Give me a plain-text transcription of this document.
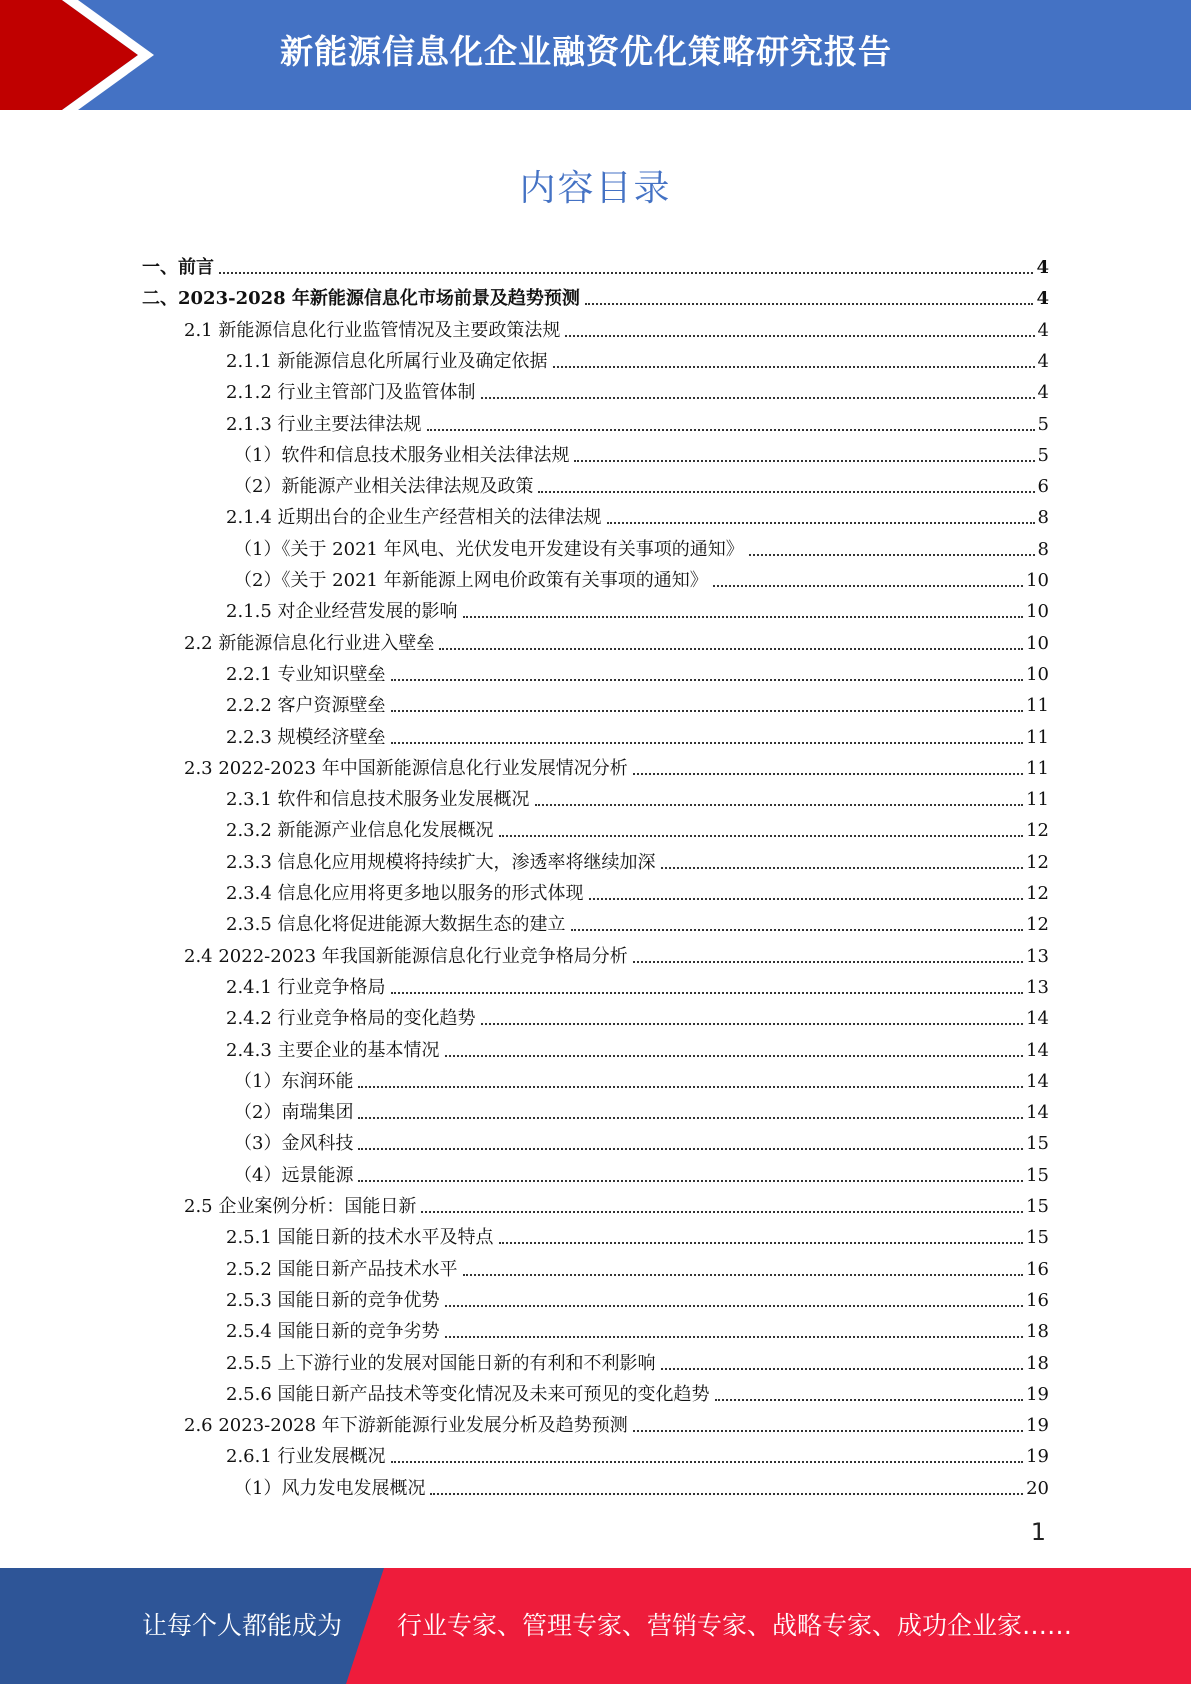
新能源信息化企业融资优化策略研究报告
内容目录
一、前言	4
二、2023-2028 年新能源信息化市场前景及趋势预测	4
2.1 新能源信息化行业监管情况及主要政策法规	4
2.1.1 新能源信息化所属行业及确定依据	4
2.1.2 行业主管部门及监管体制	4
2.1.3 行业主要法律法规	5
（1）软件和信息技术服务业相关法律法规	5
（2）新能源产业相关法律法规及政策	6
2.1.4 近期出台的企业生产经营相关的法律法规	8
（1）《关于 2021 年风电、光伏发电开发建设有关事项的通知》	8
（2）《关于 2021 年新能源上网电价政策有关事项的通知》	10
2.1.5 对企业经营发展的影响	10
2.2 新能源信息化行业进入壁垒	10
2.2.1 专业知识壁垒	10
2.2.2 客户资源壁垒	11
2.2.3 规模经济壁垒	11
2.3 2022-2023 年中国新能源信息化行业发展情况分析	11
2.3.1 软件和信息技术服务业发展概况	11
2.3.2 新能源产业信息化发展概况	12
2.3.3 信息化应用规模将持续扩大，渗透率将继续加深	12
2.3.4 信息化应用将更多地以服务的形式体现	12
2.3.5 信息化将促进能源大数据生态的建立	12
2.4 2022-2023 年我国新能源信息化行业竞争格局分析	13
2.4.1 行业竞争格局	13
2.4.2 行业竞争格局的变化趋势	14
2.4.3 主要企业的基本情况	14
（1）东润环能	14
（2）南瑞集团	14
（3）金风科技	15
（4）远景能源	15
2.5 企业案例分析：国能日新	15
2.5.1 国能日新的技术水平及特点	15
2.5.2 国能日新产品技术水平	16
2.5.3 国能日新的竞争优势	16
2.5.4 国能日新的竞争劣势	18
2.5.5 上下游行业的发展对国能日新的有利和不利影响	18
2.5.6 国能日新产品技术等变化情况及未来可预见的变化趋势	19
2.6 2023-2028 年下游新能源行业发展分析及趋势预测	19
2.6.1 行业发展概况	19
（1）风力发电发展概况	20
1
让每个人都能成为 行业专家、管理专家、营销专家、战略专家、成功企业家……
